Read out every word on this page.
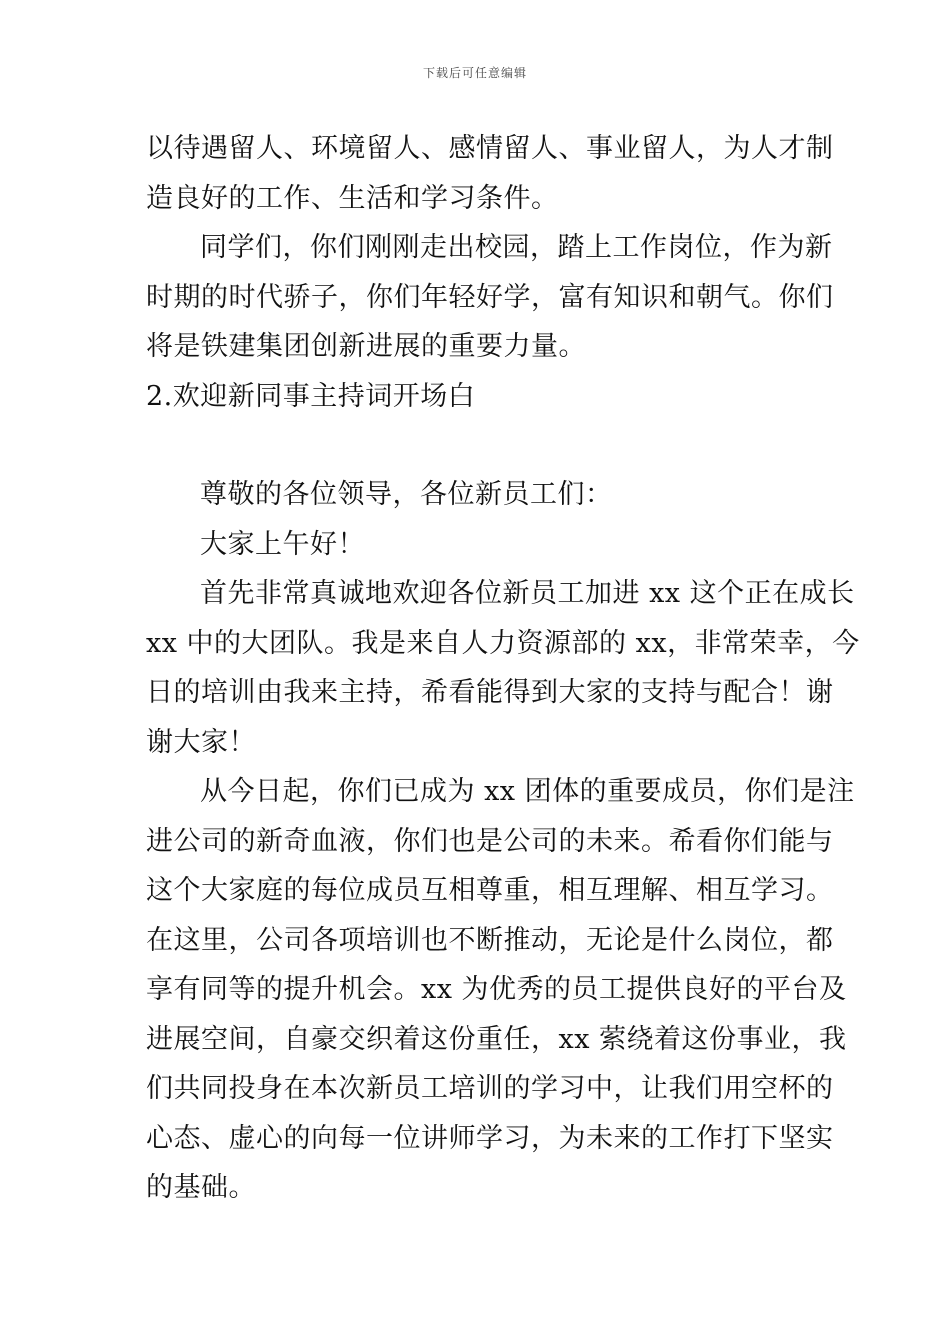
下载后可任意编辑
以待遇留人、环境留人、感情留人、事业留人，为人才制
造良好的工作、生活和学习条件。
同学们，你们刚刚走出校园，踏上工作岗位，作为新
时期的时代骄子，你们年轻好学，富有知识和朝气。你们
将是铁建集团创新进展的重要力量。
2.欢迎新同事主持词开场白
尊敬的各位领导，各位新员工们：
大家上午好！
首先非常真诚地欢迎各位新员工加进 xx 这个正在成长
xx 中的大团队。我是来自人力资源部的 xx，非常荣幸，今
日的培训由我来主持，希看能得到大家的支持与配合！谢
谢大家！
从今日起，你们已成为 xx 团体的重要成员，你们是注
进公司的新奇血液，你们也是公司的未来。希看你们能与
这个大家庭的每位成员互相尊重，相互理解、相互学习。
在这里，公司各项培训也不断推动，无论是什么岗位，都
享有同等的提升机会。xx 为优秀的员工提供良好的平台及
进展空间，自豪交织着这份重任，xx 萦绕着这份事业，我
们共同投身在本次新员工培训的学习中，让我们用空杯的
心态、虚心的向每一位讲师学习，为未来的工作打下坚实
的基础。
